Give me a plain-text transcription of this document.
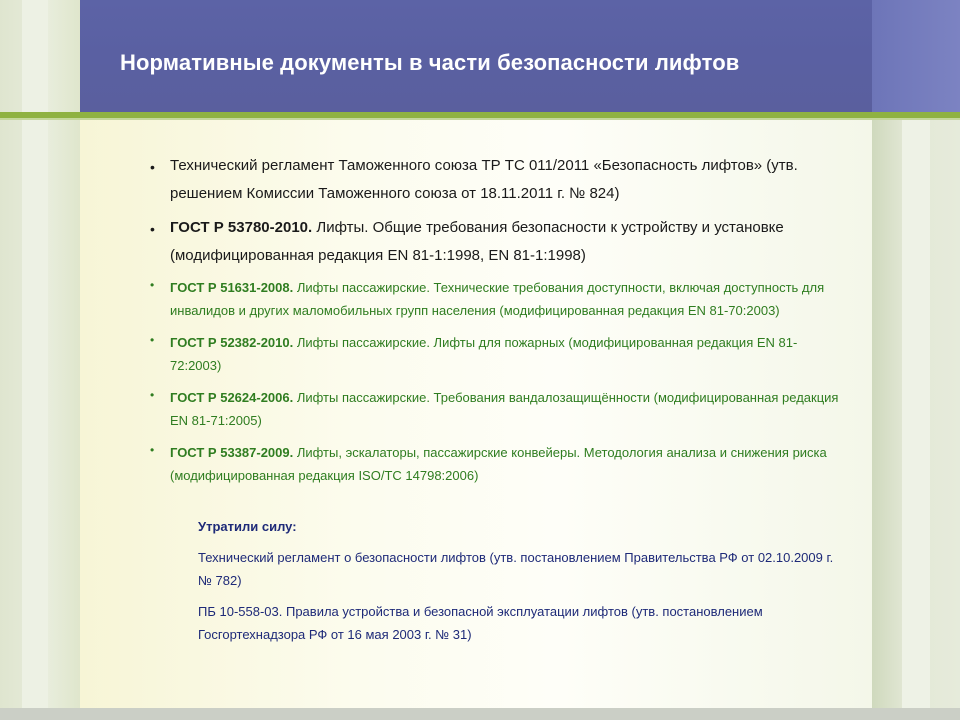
Нормативные документы в части безопасности лифтов
• Технический регламент Таможенного союза ТР ТС 011/2011 «Безопасность лифтов» (утв. решением Комиссии Таможенного союза от 18.11.2011 г. № 824)
• ГОСТ Р 53780-2010. Лифты. Общие требования безопасности к устройству и установке (модифицированная редакция EN 81-1:1998, EN 81-1:1998)
• ГОСТ Р 51631-2008. Лифты пассажирские. Технические требования доступности, включая доступность для инвалидов и других маломобильных групп населения (модифицированная редакция EN 81-70:2003)
• ГОСТ Р 52382-2010. Лифты пассажирские. Лифты для пожарных (модифицированная редакция EN 81-72:2003)
• ГОСТ Р 52624-2006. Лифты пассажирские. Требования вандалозащищённости (модифицированная редакция EN 81-71:2005)
• ГОСТ Р 53387-2009. Лифты, эскалаторы, пассажирские конвейеры. Методология анализа и снижения риска (модифицированная редакция ISO/TC 14798:2006)
Утратили силу:
Технический регламент о безопасности лифтов (утв. постановлением Правительства РФ от 02.10.2009 г. № 782)
ПБ 10-558-03. Правила устройства и безопасной эксплуатации лифтов (утв. постановлением Госгортехнадзора РФ от 16 мая 2003 г. № 31)
